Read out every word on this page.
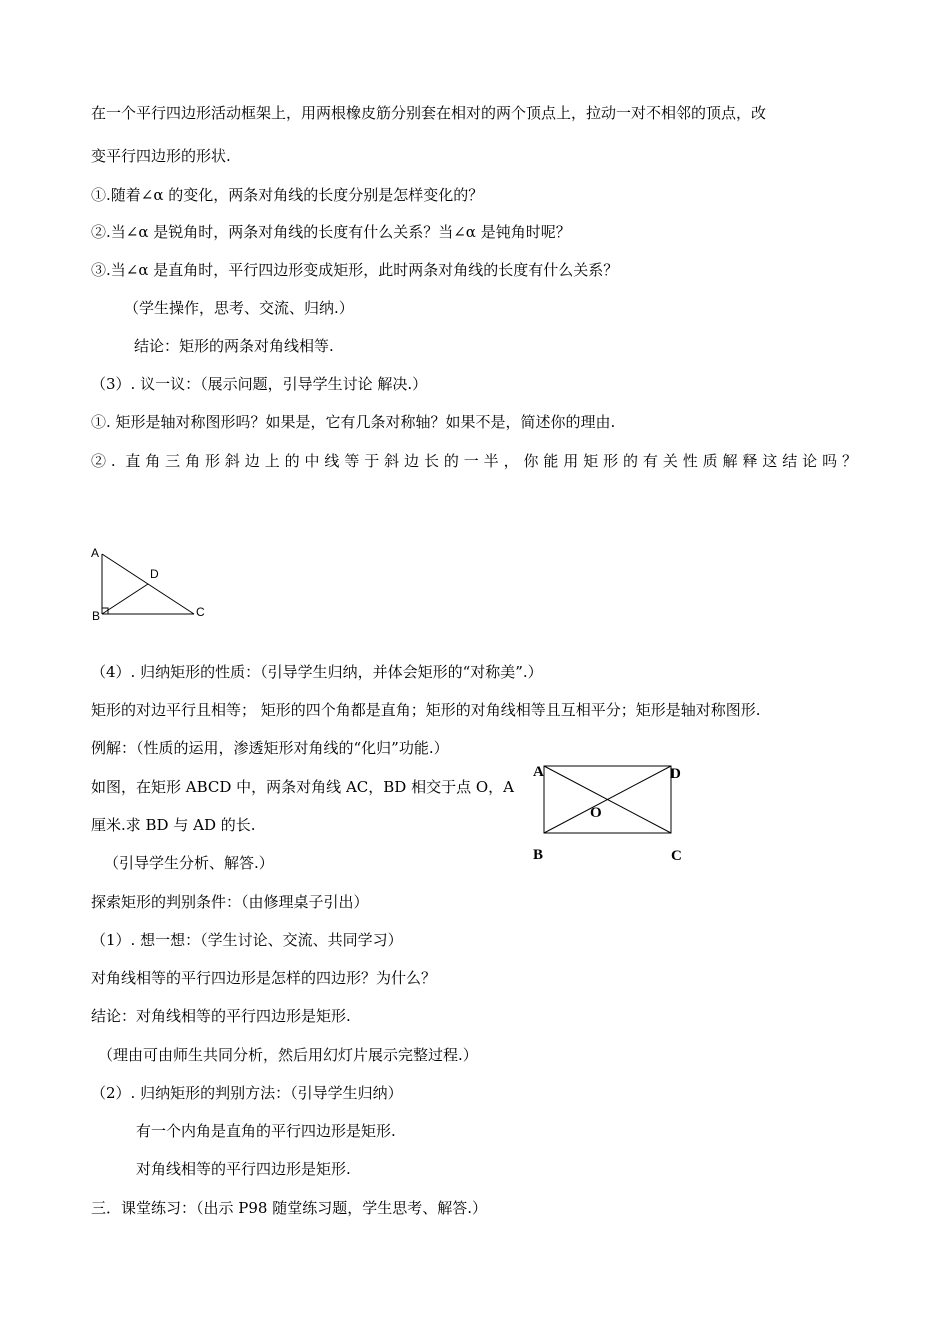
在一个平行四边形活动框架上，用两根橡皮筋分别套在相对的两个顶点上，拉动一对不相邻的顶点，改
变平行四边形的形状.
①.随着∠α 的变化，两条对角线的长度分别是怎样变化的？
②.当∠α 是锐角时，两条对角线的长度有什么关系？当∠α 是钝角时呢？
③.当∠α 是直角时，平行四边形变成矩形，此时两条对角线的长度有什么关系？
（学生操作，思考、交流、归纳.）
结论：矩形的两条对角线相等.
（3）. 议一议：（展示问题，引导学生讨论 解决.）
①. 矩形是轴对称图形吗？如果是，它有几条对称轴？如果不是，简述你的理由.
②. 直角三角形斜边上的中线等于斜边长的一半，你能用矩形的有关性质解释这结论吗？
A
B	C
D
（4）. 归纳矩形的性质：（引导学生归纳，并体会矩形的“对称美”.）
矩形的对边平行且相等； 矩形的四个角都是直角；矩形的对角线相等且互相平分；矩形是轴对称图形.
例解：（性质的运用，渗透矩形对角线的“化归”功能.）
如图，在矩形 ABCD 中，两条对角线 AC，BD 相交于点 O，A
厘米.求 BD 与 AD 的长.
A	D
O
B	C
（引导学生分析、解答.）
探索矩形的判别条件：（由修理桌子引出）
（1）. 想一想：（学生讨论、交流、共同学习）
对角线相等的平行四边形是怎样的四边形？为什么？
结论：对角线相等的平行四边形是矩形.
（理由可由师生共同分析，然后用幻灯片展示完整过程.）
（2）. 归纳矩形的判别方法：（引导学生归纳）
有一个内角是直角的平行四边形是矩形.
对角线相等的平行四边形是矩形.
三．课堂练习：（出示 P98 随堂练习题，学生思考、解答.）
